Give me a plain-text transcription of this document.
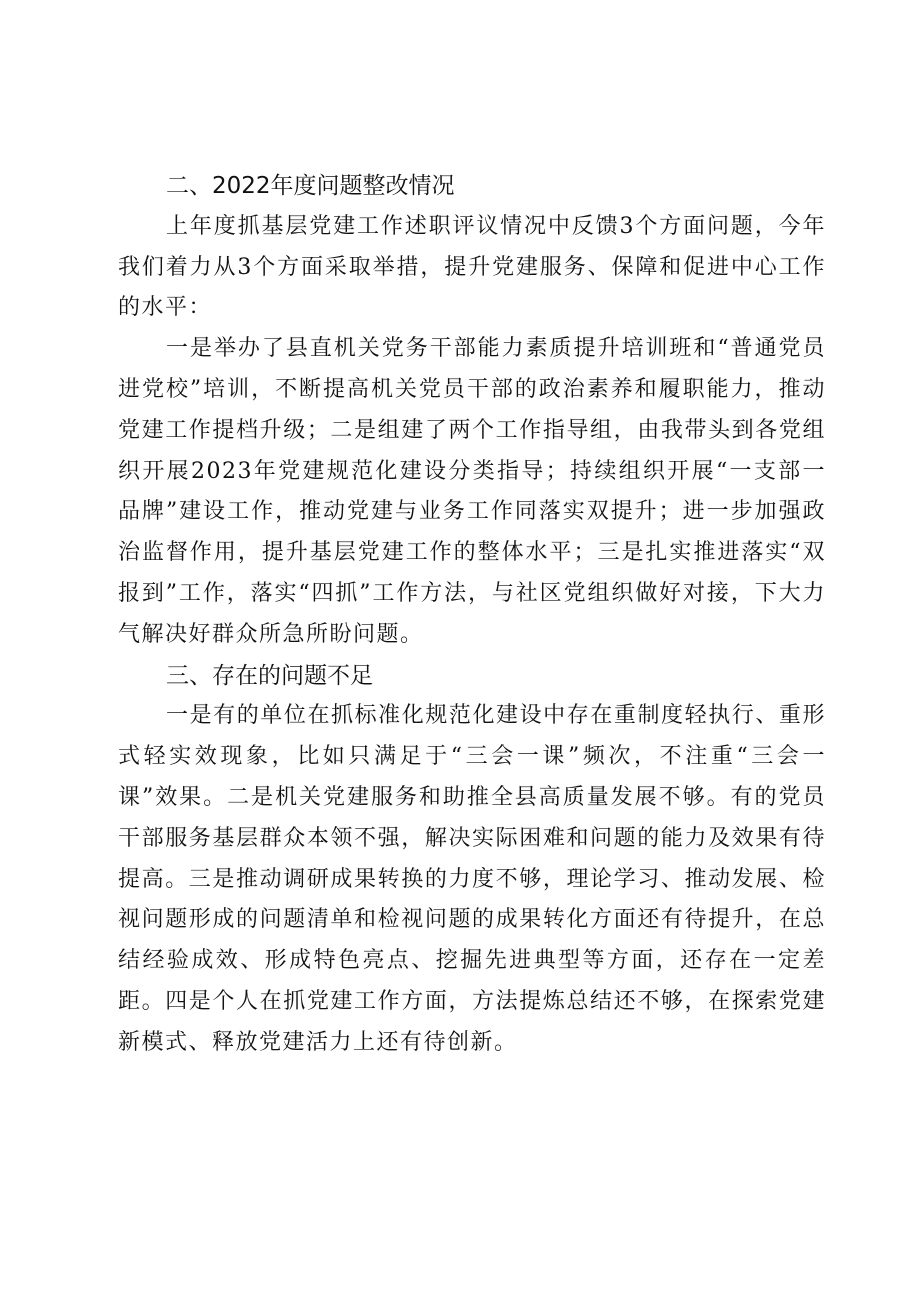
二、2022年度问题整改情况

上年度抓基层党建工作述职评议情况中反馈3个方面问题，今年我们着力从3个方面采取举措，提升党建服务、保障和促进中心工作的水平：

一是举办了县直机关党务干部能力素质提升培训班和“普通党员进党校”培训，不断提高机关党员干部的政治素养和履职能力，推动党建工作提档升级；二是组建了两个工作指导组，由我带头到各党组织开展2023年党建规范化建设分类指导；持续组织开展“一支部一品牌”建设工作，推动党建与业务工作同落实双提升；进一步加强政治监督作用，提升基层党建工作的整体水平；三是扎实推进落实“双报到”工作，落实“四抓”工作方法，与社区党组织做好对接，下大力气解决好群众所急所盼问题。

三、存在的问题不足

一是有的单位在抓标准化规范化建设中存在重制度轻执行、重形式轻实效现象，比如只满足于“三会一课”频次，不注重“三会一课”效果。二是机关党建服务和助推全县高质量发展不够。有的党员干部服务基层群众本领不强，解决实际困难和问题的能力及效果有待提高。三是推动调研成果转换的力度不够，理论学习、推动发展、检视问题形成的问题清单和检视问题的成果转化方面还有待提升，在总结经验成效、形成特色亮点、挖掘先进典型等方面，还存在一定差距。四是个人在抓党建工作方面，方法提炼总结还不够，在探索党建新模式、释放党建活力上还有待创新。
